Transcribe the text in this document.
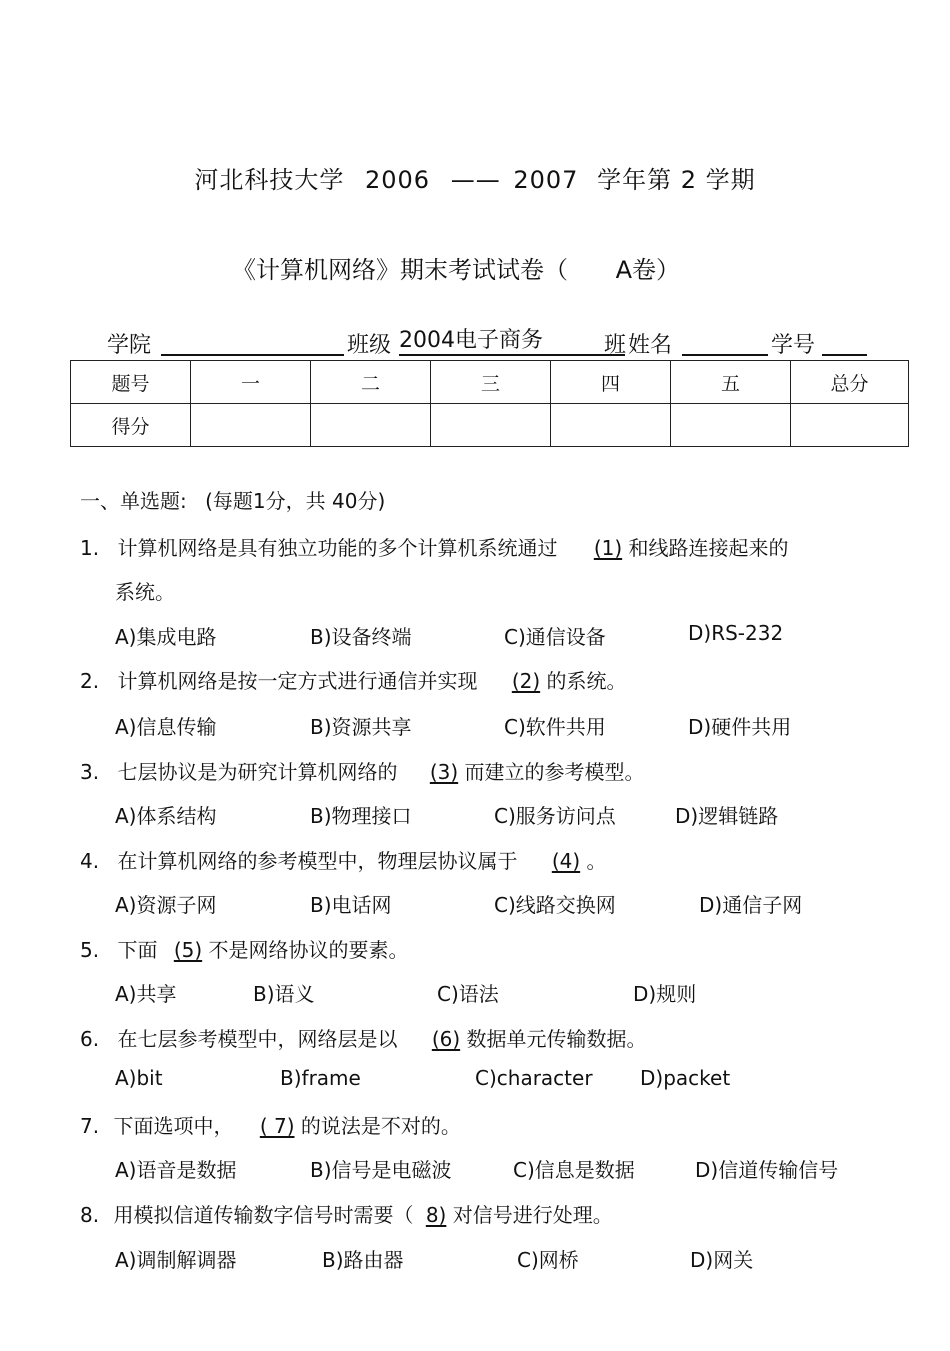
河北科技大学 2006 —— 2007 学年第 2 学期
《计算机网络》期末考试试卷（ A卷）
学院	班级 2004电子商务	班 姓名	学号
题号	一	二	三	四	五	总分
得分						
一、单选题: (每题1分，共 40分)
1. 计算机网络是具有独立功能的多个计算机系统通过 (1) 和线路连接起来的
系统。
A)集成电路	B)设备终端	C)通信设备	D)RS-232
2. 计算机网络是按一定方式进行通信并实现 (2) 的系统。
A)信息传输	B)资源共享	C)软件共用	D)硬件共用
3. 七层协议是为研究计算机网络的 (3) 而建立的参考模型。
A)体系结构	B)物理接口	C)服务访问点	D)逻辑链路
4. 在计算机网络的参考模型中，物理层协议属于 (4) 。
A)资源子网	B)电话网	C)线路交换网	D)通信子网
5. 下面 (5) 不是网络协议的要素。
A)共享	B)语义	C)语法	D)规则
6. 在七层参考模型中，网络层是以 (6) 数据单元传输数据。
A)bit	B)frame	C)character D)packet
7. 下面选项中， ( 7) 的说法是不对的。
A)语音是数据	B)信号是电磁波	C)信息是数据	D)信道传输信号
8. 用模拟信道传输数字信号时需要（ 8) 对信号进行处理。
A)调制解调器	B)路由器	C)网桥	D)网关
